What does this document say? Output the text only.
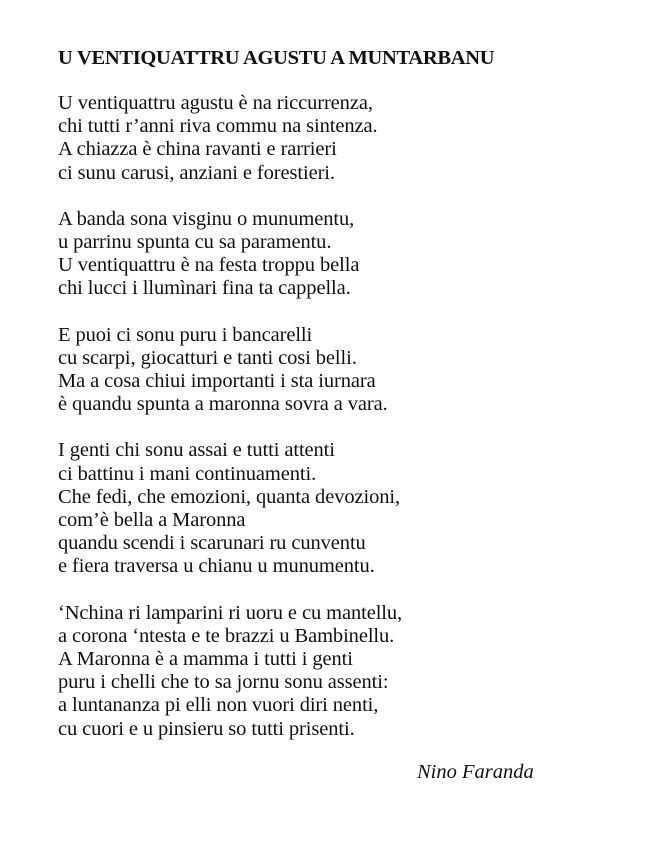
U VENTIQUATTRU AGUSTU A MUNTARBANU
U ventiquattru agustu è na riccurrenza,
chi tutti r’anni riva commu na sintenza.
A chiazza è china ravanti e rarrieri
ci sunu carusi, anziani e forestieri.
A banda sona visginu o munumentu,
u parrinu spunta cu sa paramentu.
U ventiquattru è na festa troppu bella
chi lucci i llumìnari fina ta cappella.
E puoi ci sonu puru i bancarelli
cu scarpi, giocatturi e tanti cosi belli.
Ma a cosa chiui importanti i sta iurnara
è quandu spunta a maronna sovra a vara.
I genti chi sonu assai e tutti attenti
ci battinu i mani continuamenti.
Che fedi, che emozioni, quanta devozioni,
com’è bella a Maronna
quandu scendi i scarunari ru cunventu
e fiera traversa u chianu u munumentu.
‘Nchina ri lamparini ri uoru e cu mantellu,
a corona ‘ntesta e te brazzi u Bambinellu.
A Maronna è a mamma i tutti i genti
puru i chelli che to sa jornu sonu assenti:
a luntananza pi elli non vuori diri nenti,
cu cuori e u pinsieru so tutti prisenti.
Nino Faranda
